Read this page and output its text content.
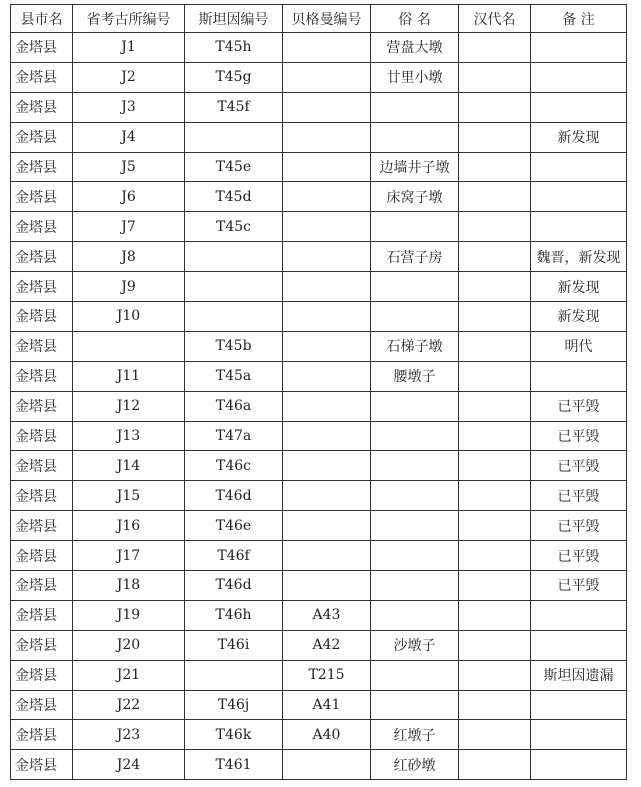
县市名	省考古所编号	斯坦因编号	贝格曼编号	俗 名	汉代名	备 注
金塔县	J1	T45h		营盘大墩		
金塔县	J2	T45g		廿里小墩		
金塔县	J3	T45f				
金塔县	J4					新发现
金塔县	J5	T45e		边墙井子墩		
金塔县	J6	T45d		床窝子墩		
金塔县	J7	T45c				
金塔县	J8			石营子房		魏晋，新发现
金塔县	J9					新发现
金塔县	J10					新发现
金塔县		T45b		石梯子墩		明代
金塔县	J11	T45a		腰墩子		
金塔县	J12	T46a				已平毁
金塔县	J13	T47a				已平毁
金塔县	J14	T46c				已平毁
金塔县	J15	T46d				已平毁
金塔县	J16	T46e				已平毁
金塔县	J17	T46f				已平毁
金塔县	J18	T46d				已平毁
金塔县	J19	T46h	A43			
金塔县	J20	T46i	A42	沙墩子		
金塔县	J21		T215			斯坦因遗漏
金塔县	J22	T46j	A41			
金塔县	J23	T46k	A40	红墩子		
金塔县	J24	T461		红砂墩		
